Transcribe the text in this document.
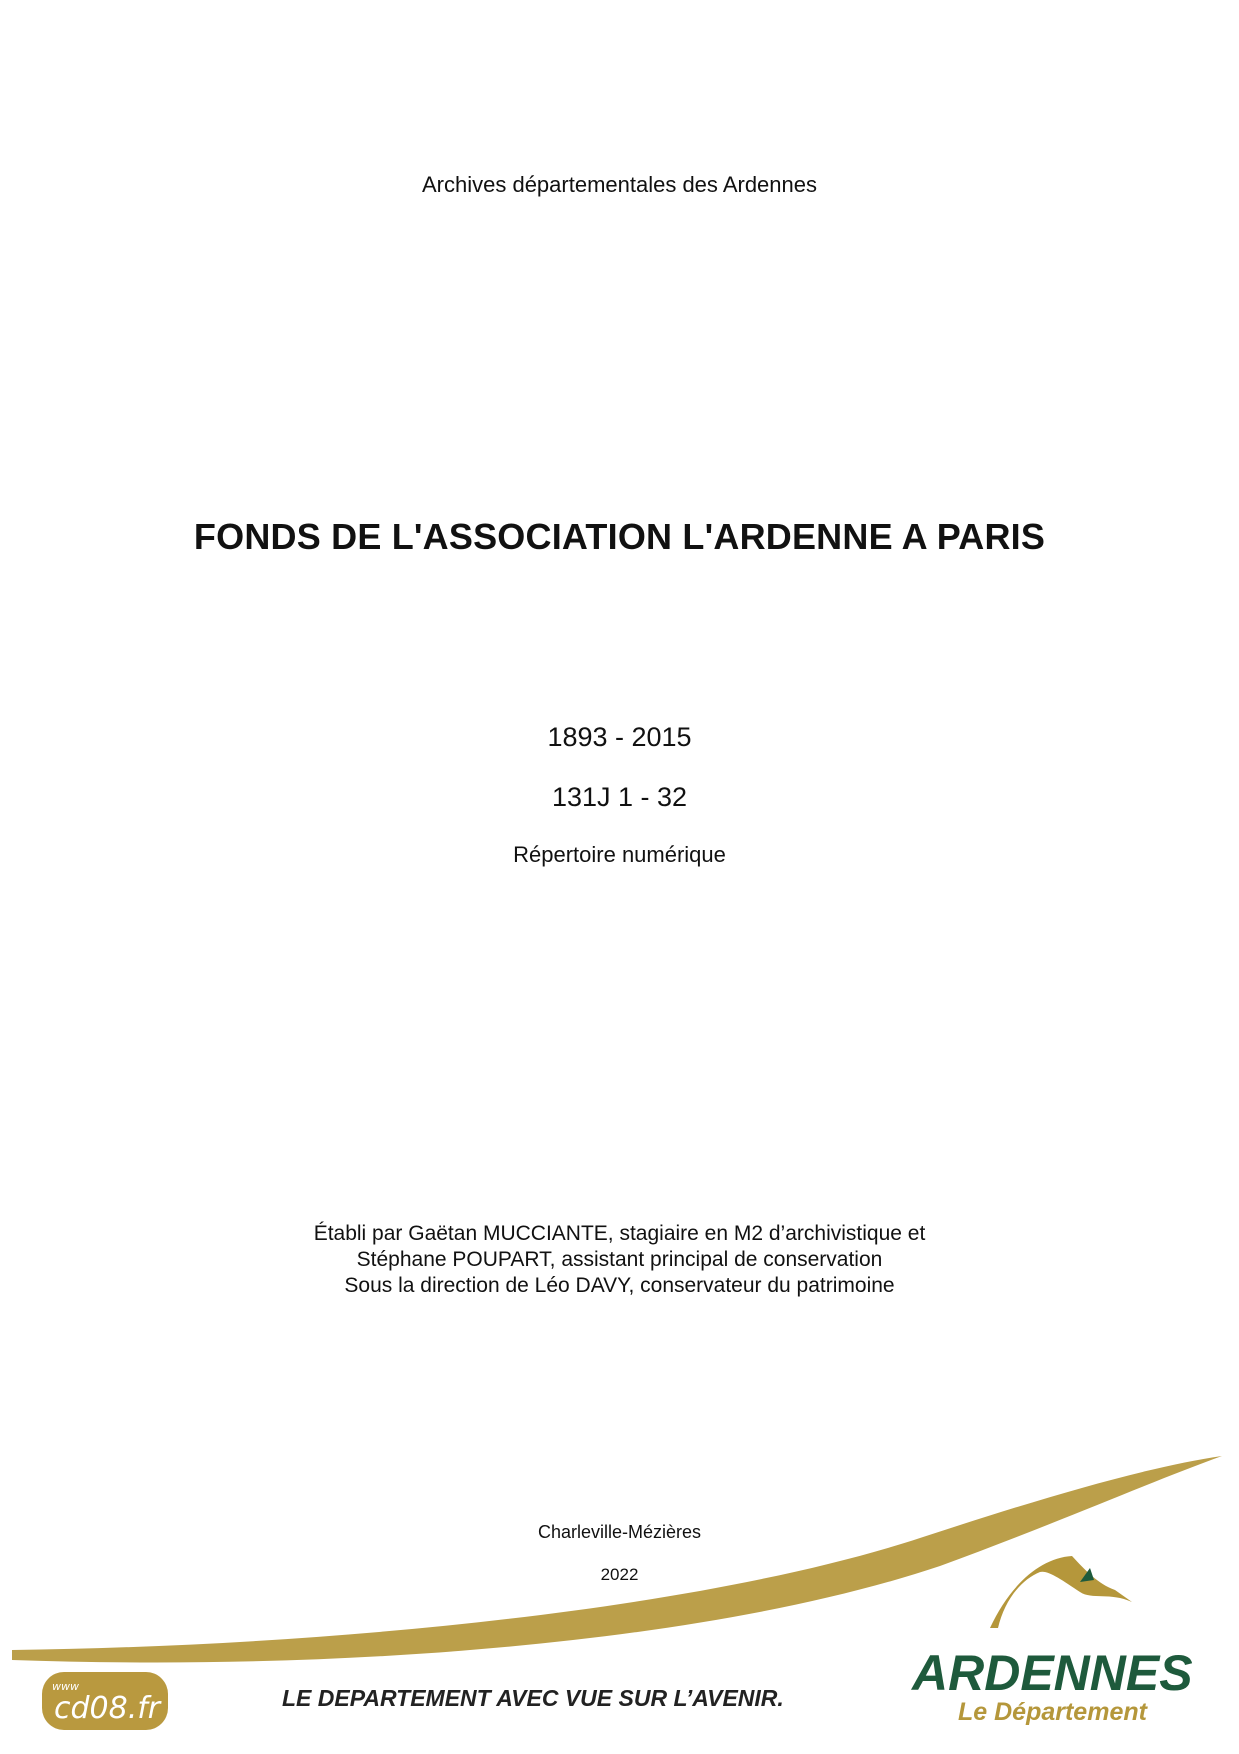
Archives départementales des Ardennes
FONDS DE L'ASSOCIATION L'ARDENNE A PARIS
1893 - 2015
131J 1 - 32
Répertoire numérique
Établi par Gaëtan MUCCIANTE, stagiaire en M2 d’archivistique et
Stéphane POUPART, assistant principal de conservation
Sous la direction de Léo DAVY, conservateur du patrimoine
www
cd08.fr	LE DEPARTEMENT AVEC VUE SUR L’AVENIR.	ARDENNES
Le Département
Charleville-Mézières
2022
